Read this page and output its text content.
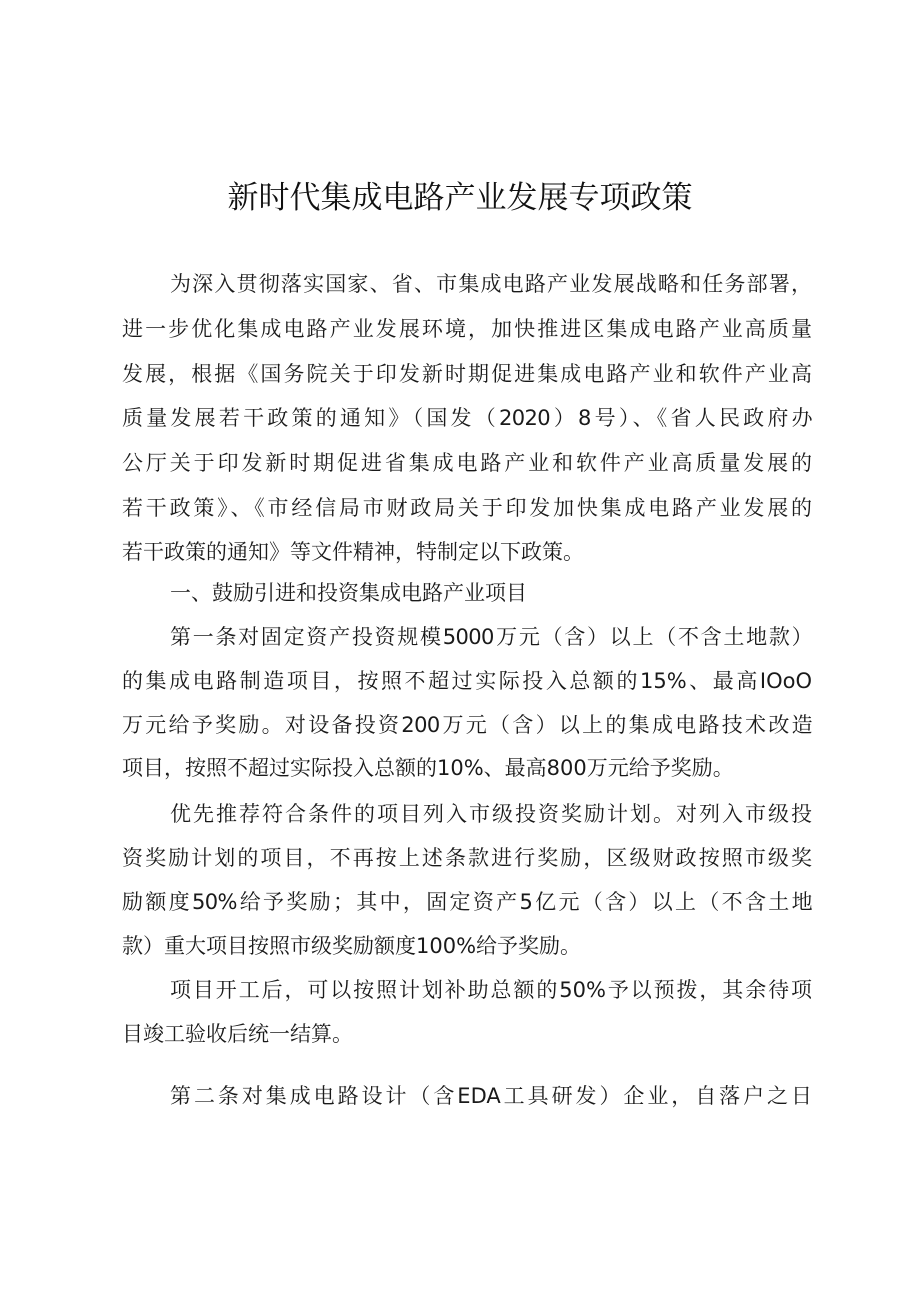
新时代集成电路产业发展专项政策
为深入贯彻落实国家、省、市集成电路产业发展战略和任务部署，
进一步优化集成电路产业发展环境，加快推进区集成电路产业高质量
发展，根据《国务院关于印发新时期促进集成电路产业和软件产业高
质量发展若干政策的通知》（国发（2020）8号）、《省人民政府办
公厅关于印发新时期促进省集成电路产业和软件产业高质量发展的
若干政策》、《市经信局市财政局关于印发加快集成电路产业发展的
若干政策的通知》等文件精神，特制定以下政策。
一、鼓励引进和投资集成电路产业项目
第一条对固定资产投资规模5000万元（含）以上（不含土地款）
的集成电路制造项目，按照不超过实际投入总额的15%、最高IOoO
万元给予奖励。对设备投资200万元（含）以上的集成电路技术改造
项目，按照不超过实际投入总额的10%、最高800万元给予奖励。
优先推荐符合条件的项目列入市级投资奖励计划。对列入市级投
资奖励计划的项目，不再按上述条款进行奖励，区级财政按照市级奖
励额度50%给予奖励；其中，固定资产5亿元（含）以上（不含土地
款）重大项目按照市级奖励额度100%给予奖励。
项目开工后，可以按照计划补助总额的50%予以预拨，其余待项
目竣工验收后统一结算。
第二条对集成电路设计（含EDA工具研发）企业，自落户之日
